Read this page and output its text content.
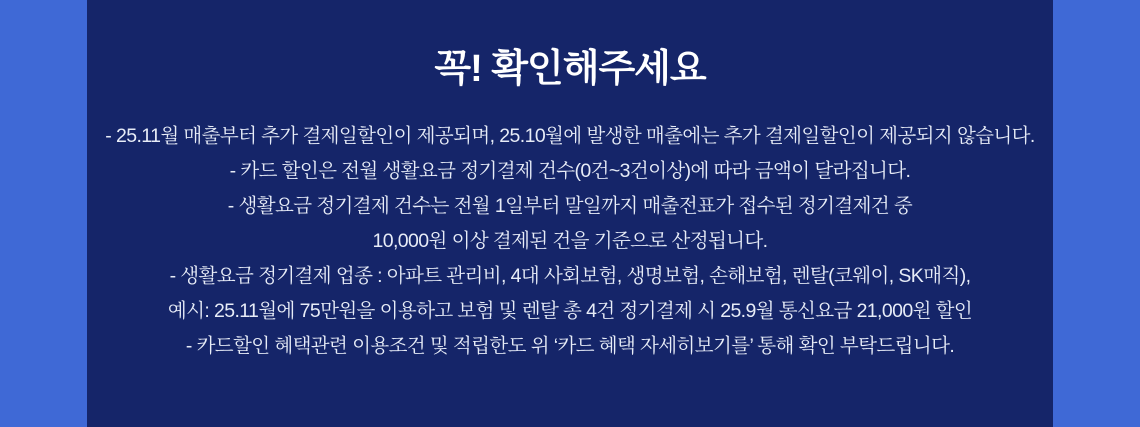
꼭! 확인해주세요

- 25.11월 매출부터 추가 결제일할인이 제공되며, 25.10월에 발생한 매출에는 추가 결제일할인이 제공되지 않습니다.

- 카드 할인은 전월 생활요금 정기결제 건수(0건~3건이상)에 따라 금액이 달라집니다.

- 생활요금 정기결제 건수는 전월 1일부터 말일까지 매출전표가 접수된 정기결제건 중

10,000원 이상 결제된 건을 기준으로 산정됩니다.

- 생활요금 정기결제 업종 : 아파트 관리비, 4대 사회보험, 생명보험, 손해보험, 렌탈(코웨이, SK매직),

예시: 25.11월에 75만원을 이용하고 보험 및 렌탈 총 4건 정기결제 시 25.9월 통신요금 21,000원 할인

- 카드할인 혜택관련 이용조건 및 적립한도 위 ‘카드 혜택 자세히보기를’ 통해 확인 부탁드립니다.
